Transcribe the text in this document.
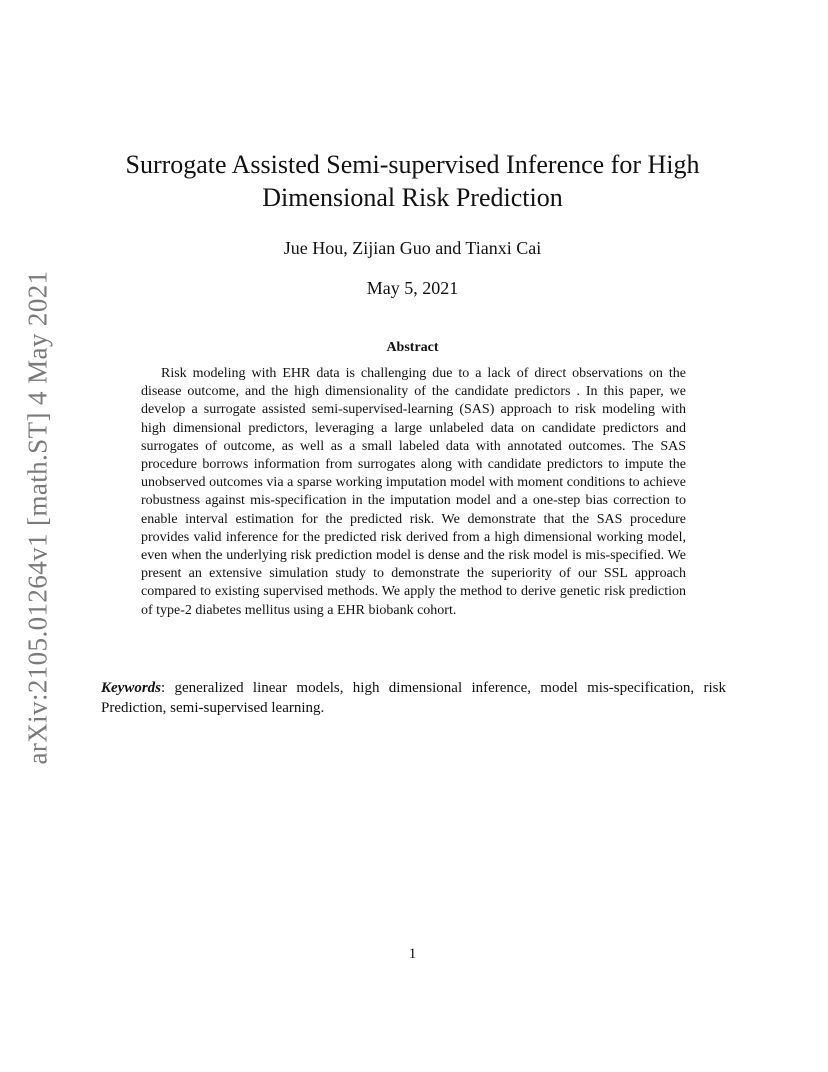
arXiv:2105.01264v1 [math.ST] 4 May 2021
Surrogate Assisted Semi-supervised Inference for High Dimensional Risk Prediction
Jue Hou, Zijian Guo and Tianxi Cai
May 5, 2021
Abstract

Risk modeling with EHR data is challenging due to a lack of direct observations on the disease outcome, and the high dimensionality of the candidate predictors . In this paper, we develop a surrogate assisted semi-supervised-learning (SAS) approach to risk modeling with high dimensional predictors, leveraging a large unlabeled data on candidate predictors and surrogates of outcome, as well as a small labeled data with annotated outcomes. The SAS procedure borrows information from surrogates along with candidate predictors to impute the unobserved outcomes via a sparse working imputation model with moment conditions to achieve robustness against mis-specification in the imputation model and a one-step bias correction to enable interval estimation for the predicted risk. We demonstrate that the SAS procedure provides valid inference for the predicted risk derived from a high dimensional working model, even when the underlying risk prediction model is dense and the risk model is mis-specified. We present an extensive simulation study to demonstrate the superiority of our SSL approach compared to existing supervised methods. We apply the method to derive genetic risk prediction of type-2 diabetes mellitus using a EHR biobank cohort.

Keywords: generalized linear models, high dimensional inference, model mis-specification, risk Prediction, semi-supervised learning.

1
